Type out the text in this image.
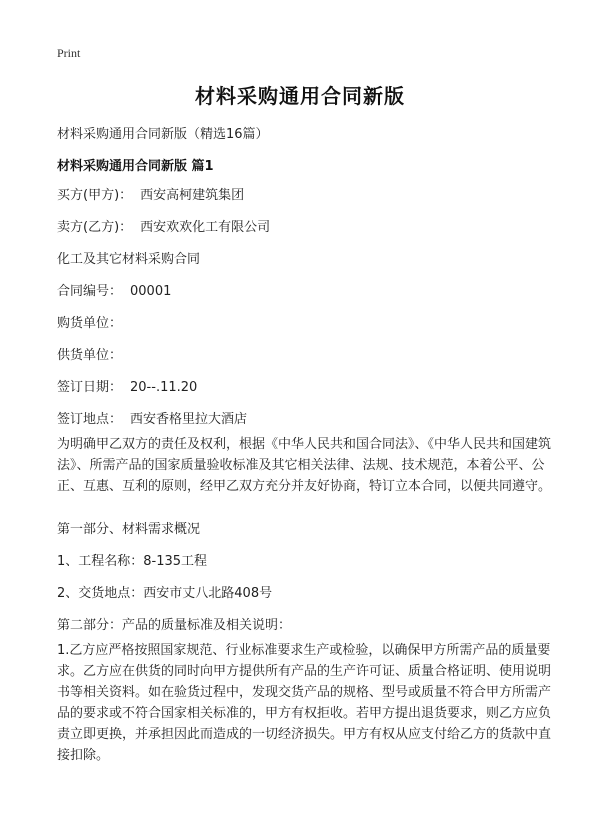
Print
材料采购通用合同新版
材料采购通用合同新版（精选16篇）
材料采购通用合同新版 篇1
买方(甲方)： 西安高柯建筑集团
卖方(乙方)： 西安欢欢化工有限公司
化工及其它材料采购合同
合同编号： 00001
购货单位：
供货单位：
签订日期： 20--.11.20
签订地点： 西安香格里拉大酒店
为明确甲乙双方的责任及权利，根据《中华人民共和国合同法》、《中华人民共和国建筑法》、所需产品的国家质量验收标准及其它相关法律、法规、技术规范，本着公平、公正、互惠、互利的原则，经甲乙双方充分并友好协商，特订立本合同，以便共同遵守。
第一部分、材料需求概况
1、工程名称：8-135工程
2、交货地点：西安市丈八北路408号
第二部分：产品的质量标准及相关说明：
1.乙方应严格按照国家规范、行业标准要求生产或检验，以确保甲方所需产品的质量要求。乙方应在供货的同时向甲方提供所有产品的生产许可证、质量合格证明、使用说明书等相关资料。如在验货过程中，发现交货产品的规格、型号或质量不符合甲方所需产品的要求或不符合国家相关标准的，甲方有权拒收。若甲方提出退货要求，则乙方应负责立即更换，并承担因此而造成的一切经济损失。甲方有权从应支付给乙方的货款中直接扣除。
